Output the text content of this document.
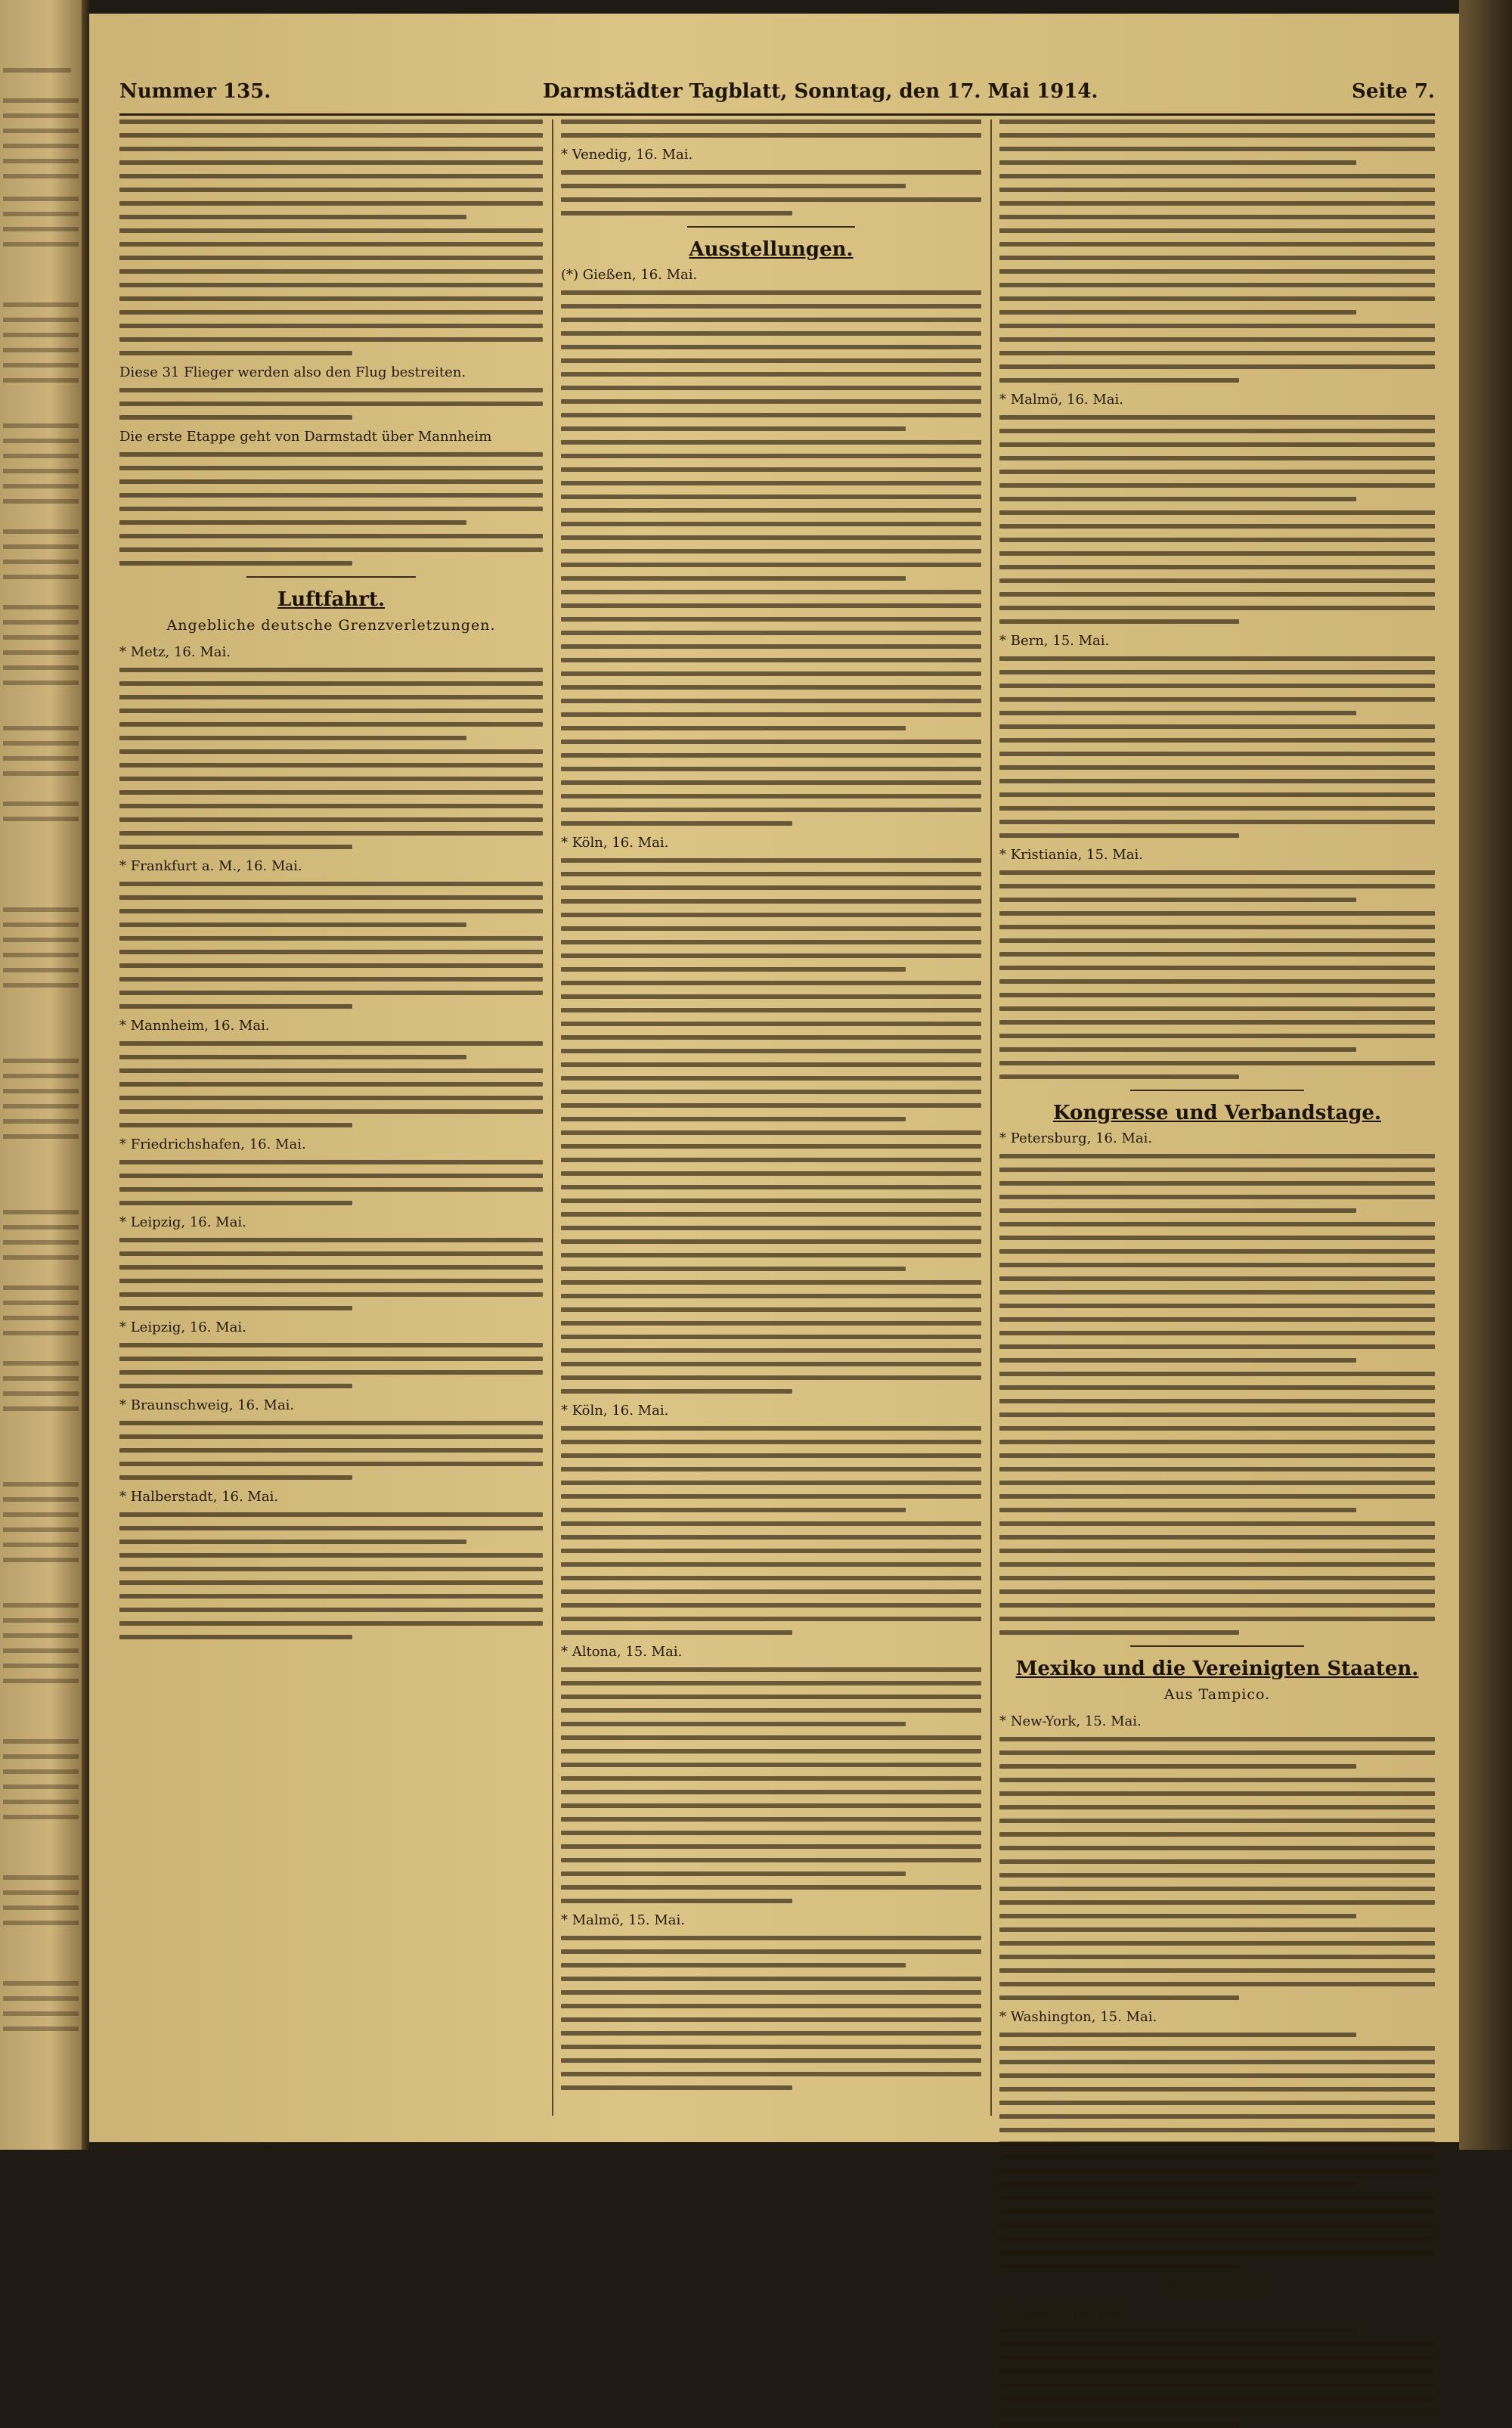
Nummer 135.	Darmstädter Tagblatt, Sonntag, den 17. Mai 1914.	Seite 7.
Diese 31 Flieger werden also den Flug bestreiten.
Die erste Etappe geht von Darmstadt über Mannheim
Luftfahrt.
Angebliche deutsche Grenzverletzungen.
* Metz, 16. Mai.
* Frankfurt a. M., 16. Mai.
* Mannheim, 16. Mai.
* Friedrichshafen, 16. Mai.
* Leipzig, 16. Mai.
* Leipzig, 16. Mai.
* Braunschweig, 16. Mai.
* Halberstadt, 16. Mai.
* Venedig, 16. Mai.
Ausstellungen.
(*) Gießen, 16. Mai.
* Köln, 16. Mai.
* Köln, 16. Mai.
* Altona, 15. Mai.
* Malmö, 15. Mai.
* Malmö, 16. Mai.
* Bern, 15. Mai.
* Kristiania, 15. Mai.
Kongresse und Verbandstage.
* Petersburg, 16. Mai.
Mexiko und die Vereinigten Staaten.
Aus Tampico.
* New-York, 15. Mai.
* Washington, 15. Mai.
Aus Veracruz.
* London, 16. Mai.
